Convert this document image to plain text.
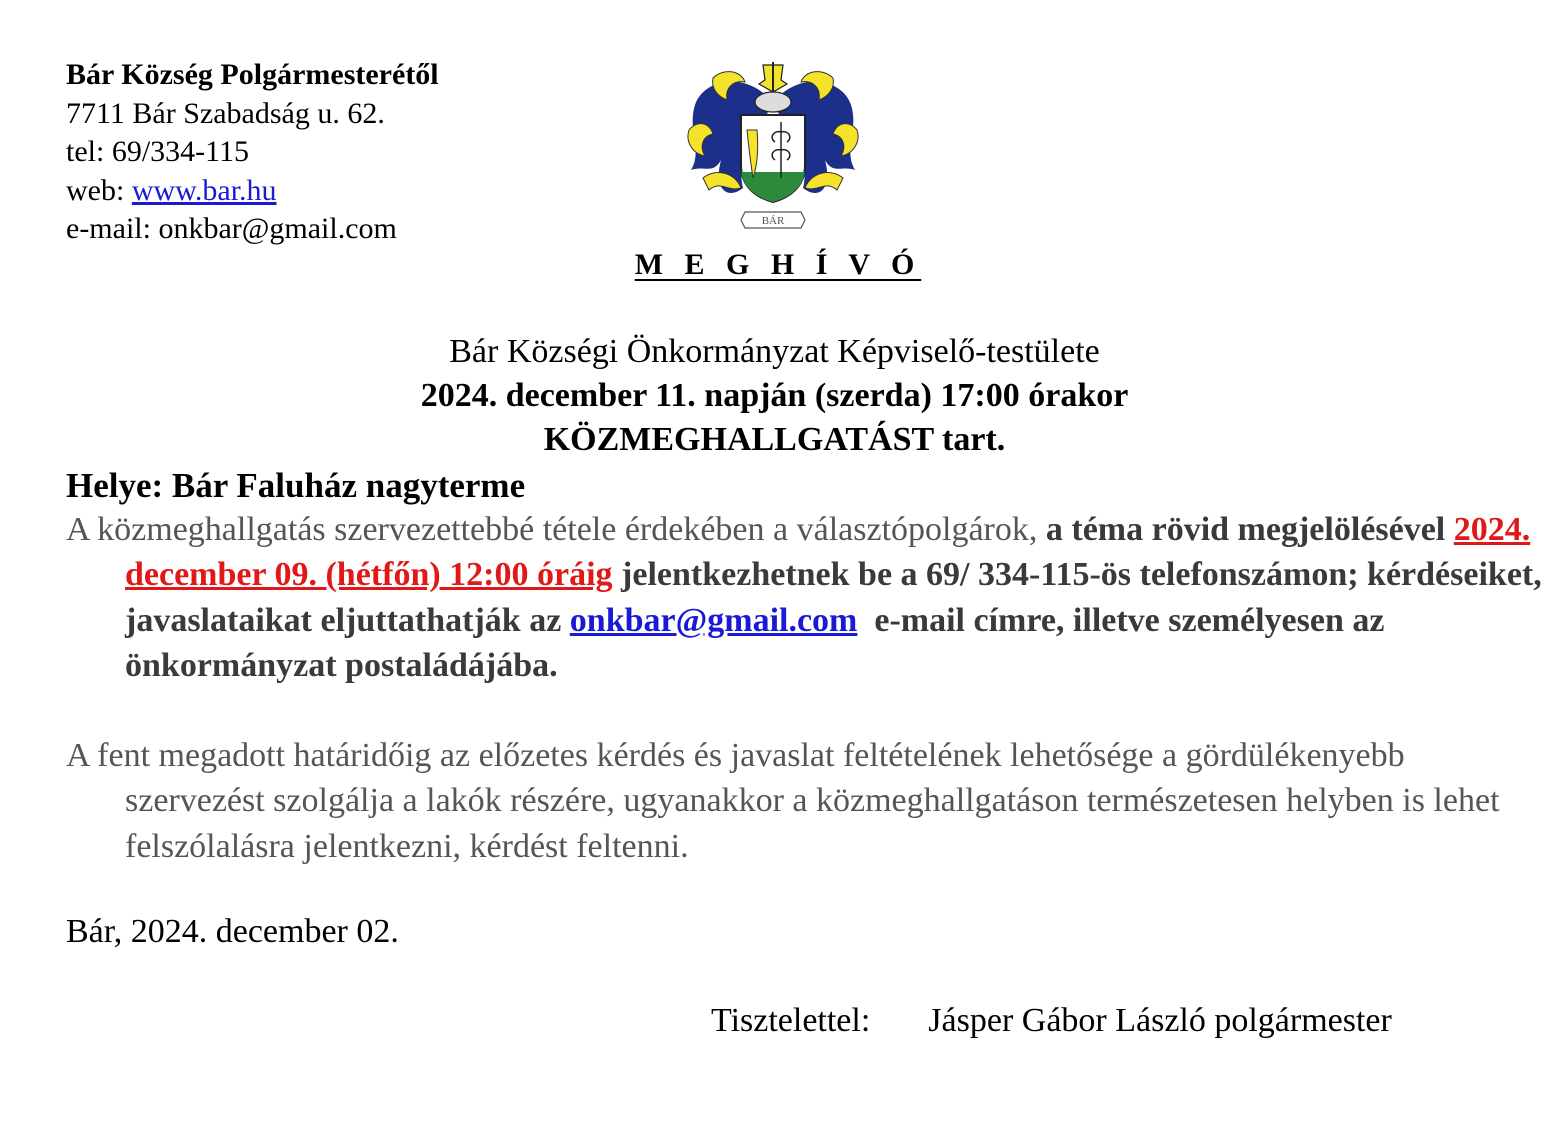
Bár Község Polgármesterétől
7711 Bár Szabadság u. 62.
tel: 69/334-115
web: www.bar.hu
e-mail: onkbar@gmail.com	BÁR
M E G H Í V Ó
Bár Községi Önkormányzat Képviselő-testülete
2024. december 11. napján (szerda) 17:00 órakor
KÖZMEGHALLGATÁST tart.
Helye: Bár Faluház nagyterme
A közmeghallgatás szervezettebbé tétele érdekében a választópolgárok, a téma rövid megjelölésével 2024. december 09. (hétfőn) 12:00 óráig jelentkezhetnek be a 69/ 334-115-ös telefonszámon; kérdéseiket, javaslataikat eljuttathatják az onkbar@gmail.com  e-mail címre, illetve személyesen az önkormányzat postaládájába.
A fent megadott határidőig az előzetes kérdés és javaslat feltételének lehetősége a gördülékenyebb szervezést szolgálja a lakók részére, ugyanakkor a közmeghallgatáson természetesen helyben is lehet felszólalásra jelentkezni, kérdést feltenni.
Bár, 2024. december 02.
Tisztelettel: Jásper Gábor László polgármester
